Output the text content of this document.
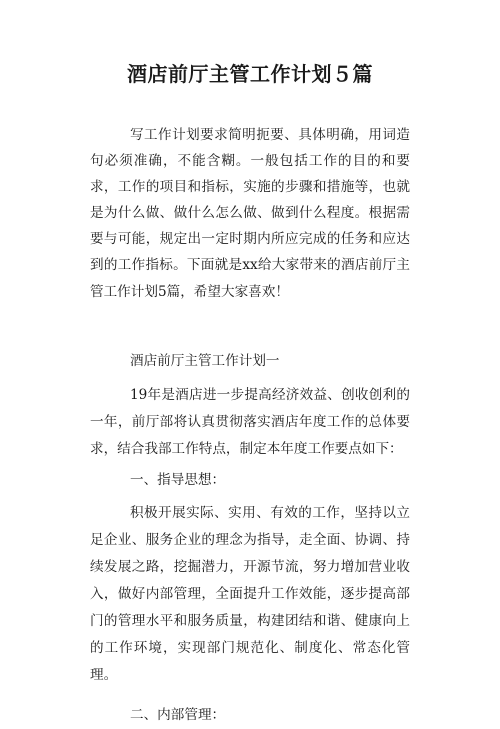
酒店前厅主管工作计划５篇

写工作计划要求简明扼要、具体明确，用词造句必须准确，不能含糊。一般包括工作的目的和要求，工作的项目和指标，实施的步骤和措施等，也就是为什么做、做什么怎么做、做到什么程度。根据需要与可能，规定出一定时期内所应完成的任务和应达到的工作指标。下面就是xx给大家带来的酒店前厅主管工作计划5篇，希望大家喜欢！

酒店前厅主管工作计划一

19年是酒店进一步提高经济效益、创收创利的一年，前厅部将认真贯彻落实酒店年度工作的总体要求，结合我部工作特点，制定本年度工作要点如下：

一、指导思想：

积极开展实际、实用、有效的工作，坚持以立足企业、服务企业的理念为指导，走全面、协调、持续发展之路，挖掘潜力，开源节流，努力增加营业收入，做好内部管理，全面提升工作效能，逐步提高部门的管理水平和服务质量，构建团结和谐、健康向上的工作环境，实现部门规范化、制度化、常态化管理。

二、内部管理：
